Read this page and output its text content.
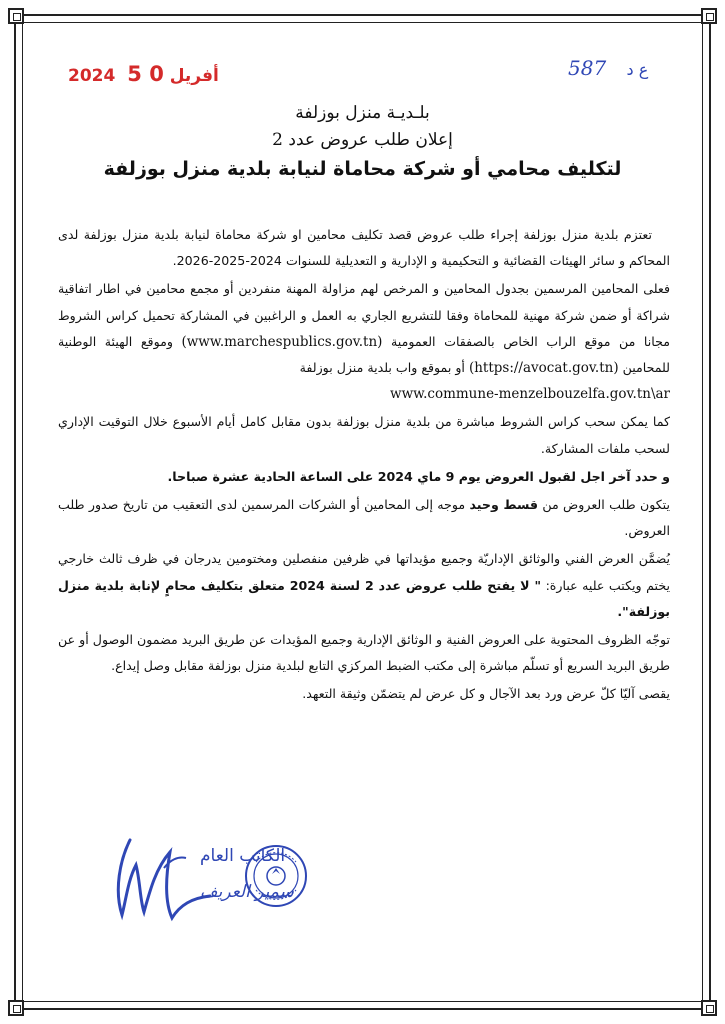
2024	أفريل 0 5	587 ع د
بلـديـة منزل بوزلفة
إعلان طلب عروض عدد 2
لتكليف محامي أو شركة محاماة لنيابة بلدية منزل بوزلفة

تعتزم بلدية منزل بوزلفة إجراء طلب عروض قصد تكليف محامين او شركة محاماة لنيابة بلدية منزل بوزلفة لدى المحاكم و سائر الهيئات القضائية و التحكيمية و الإدارية و التعديلية للسنوات 2024-2025-2026.

فعلى المحامين المرسمين بجدول المحامين و المرخص لهم مزاولة المهنة منفردين أو مجمع محامين في اطار اتفاقية شراكة أو ضمن شركة مهنية للمحاماة وفقا للتشريع الجاري به العمل و الراغبين في المشاركة تحميل كراس الشروط مجانا من موقع الراب الخاص بالصفقات العمومية (www.marchespublics.gov.tn) وموقع الهيئة الوطنية للمحامين (https://avocat.gov.tn) أو بموقع واب بلدية منزل بوزلفة
www.commune-menzelbouzelfa.gov.tn\ar

كما يمكن سحب كراس الشروط مباشرة من بلدية منزل بوزلفة بدون مقابل كامل أيام الأسبوع خلال التوقيت الإداري لسحب ملفات المشاركة.

و حدد آخر اجل لقبول العروض يوم 9 ماي 2024 على الساعة الحادية عشرة صباحا.

يتكون طلب العروض من قسط وحيد موجه إلى المحامين أو الشركات المرسمين لدى التعقيب من تاريخ صدور طلب العروض.

يُضمَّن العرض الفني والوثائق الإداريّة وجميع مؤيداتها في ظرفين منفصلين ومختومين يدرجان في ظرف ثالث خارجي يختم ويكتب عليه عبارة: " لا يفتح طلب عروض عدد 2 لسنة 2024 متعلق بتكليف محامٍ لإنابة بلدية منزل بوزلفة".

توجّه الظروف المحتوية على العروض الفنية و الوثائق الإدارية وجميع المؤيدات عن طريق البريد مضمون الوصول أو عن طريق البريد السريع أو تسلّم مباشرة إلى مكتب الضبط المركزي التابع لبلدية منزل بوزلفة مقابل وصل إيداع.

يقصى آليّا كلّ عرض ورد بعد الآجال و كل عرض لم يتضمّن وثيقة التعهد.

الكاتب العام
سمير العريف
